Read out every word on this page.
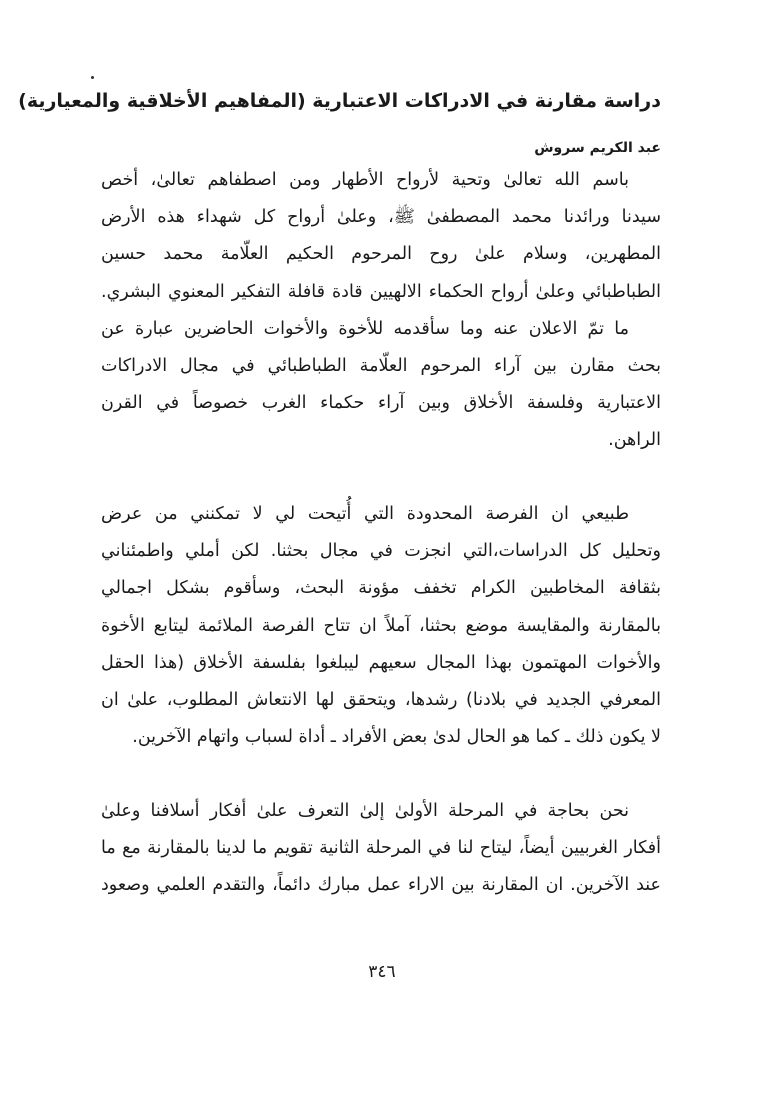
دراسة مقارنة في الادراكات الاعتبارية (المفاهيم الأخلاقية والمعيارية)
عبد الكريم سروش
باسم الله تعالىٰ وتحية لأرواح الأطهار ومن اصطفاهم تعالىٰ، أخص
سيدنا ورائدنا محمد المصطفىٰ ﷺ، وعلىٰ أرواح كل شهداء هذه الأرض
المطهرين، وسلام علىٰ روح المرحوم الحكيم العلّامة محمد حسين
الطباطبائي وعلىٰ أرواح الحكماء الالهيين قادة قافلة التفكير المعنوي البشري.
ما تمّ الاعلان عنه وما سأقدمه للأخوة والأخوات الحاضرين عبارة عن
بحث مقارن بين آراء المرحوم العلّامة الطباطبائي في مجال الادراكات
الاعتبارية وفلسفة الأخلاق وبين آراء حكماء الغرب خصوصاً في القرن
الراهن.
طبيعي ان الفرصة المحدودة التي أُتيحت لي لا تمكنني من عرض
وتحليل كل الدراسات،التي انجزت في مجال بحثنا. لكن أملي واطمئناني
بثقافة المخاطبين الكرام تخفف مؤونة البحث، وسأقوم بشكل اجمالي
بالمقارنة والمقايسة موضع بحثنا، آملاً ان تتاح الفرصة الملائمة ليتابع الأخوة
والأخوات المهتمون بهذا المجال سعيهم ليبلغوا بفلسفة الأخلاق (هذا الحقل
المعرفي الجديد في بلادنا) رشدها، ويتحقق لها الانتعاش المطلوب، علىٰ ان
لا يكون ذلك ـ كما هو الحال لدىٰ بعض الأفراد ـ أداة لسباب واتهام الآخرين.
نحن بحاجة في المرحلة الأولىٰ إلىٰ التعرف علىٰ أفكار أسلافنا وعلىٰ
أفكار الغربيين أيضاً، ليتاح لنا في المرحلة الثانية تقويم ما لدينا بالمقارنة مع ما
عند الآخرين. ان المقارنة بين الاراء عمل مبارك دائماً، والتقدم العلمي وصعود
٣٤٦
